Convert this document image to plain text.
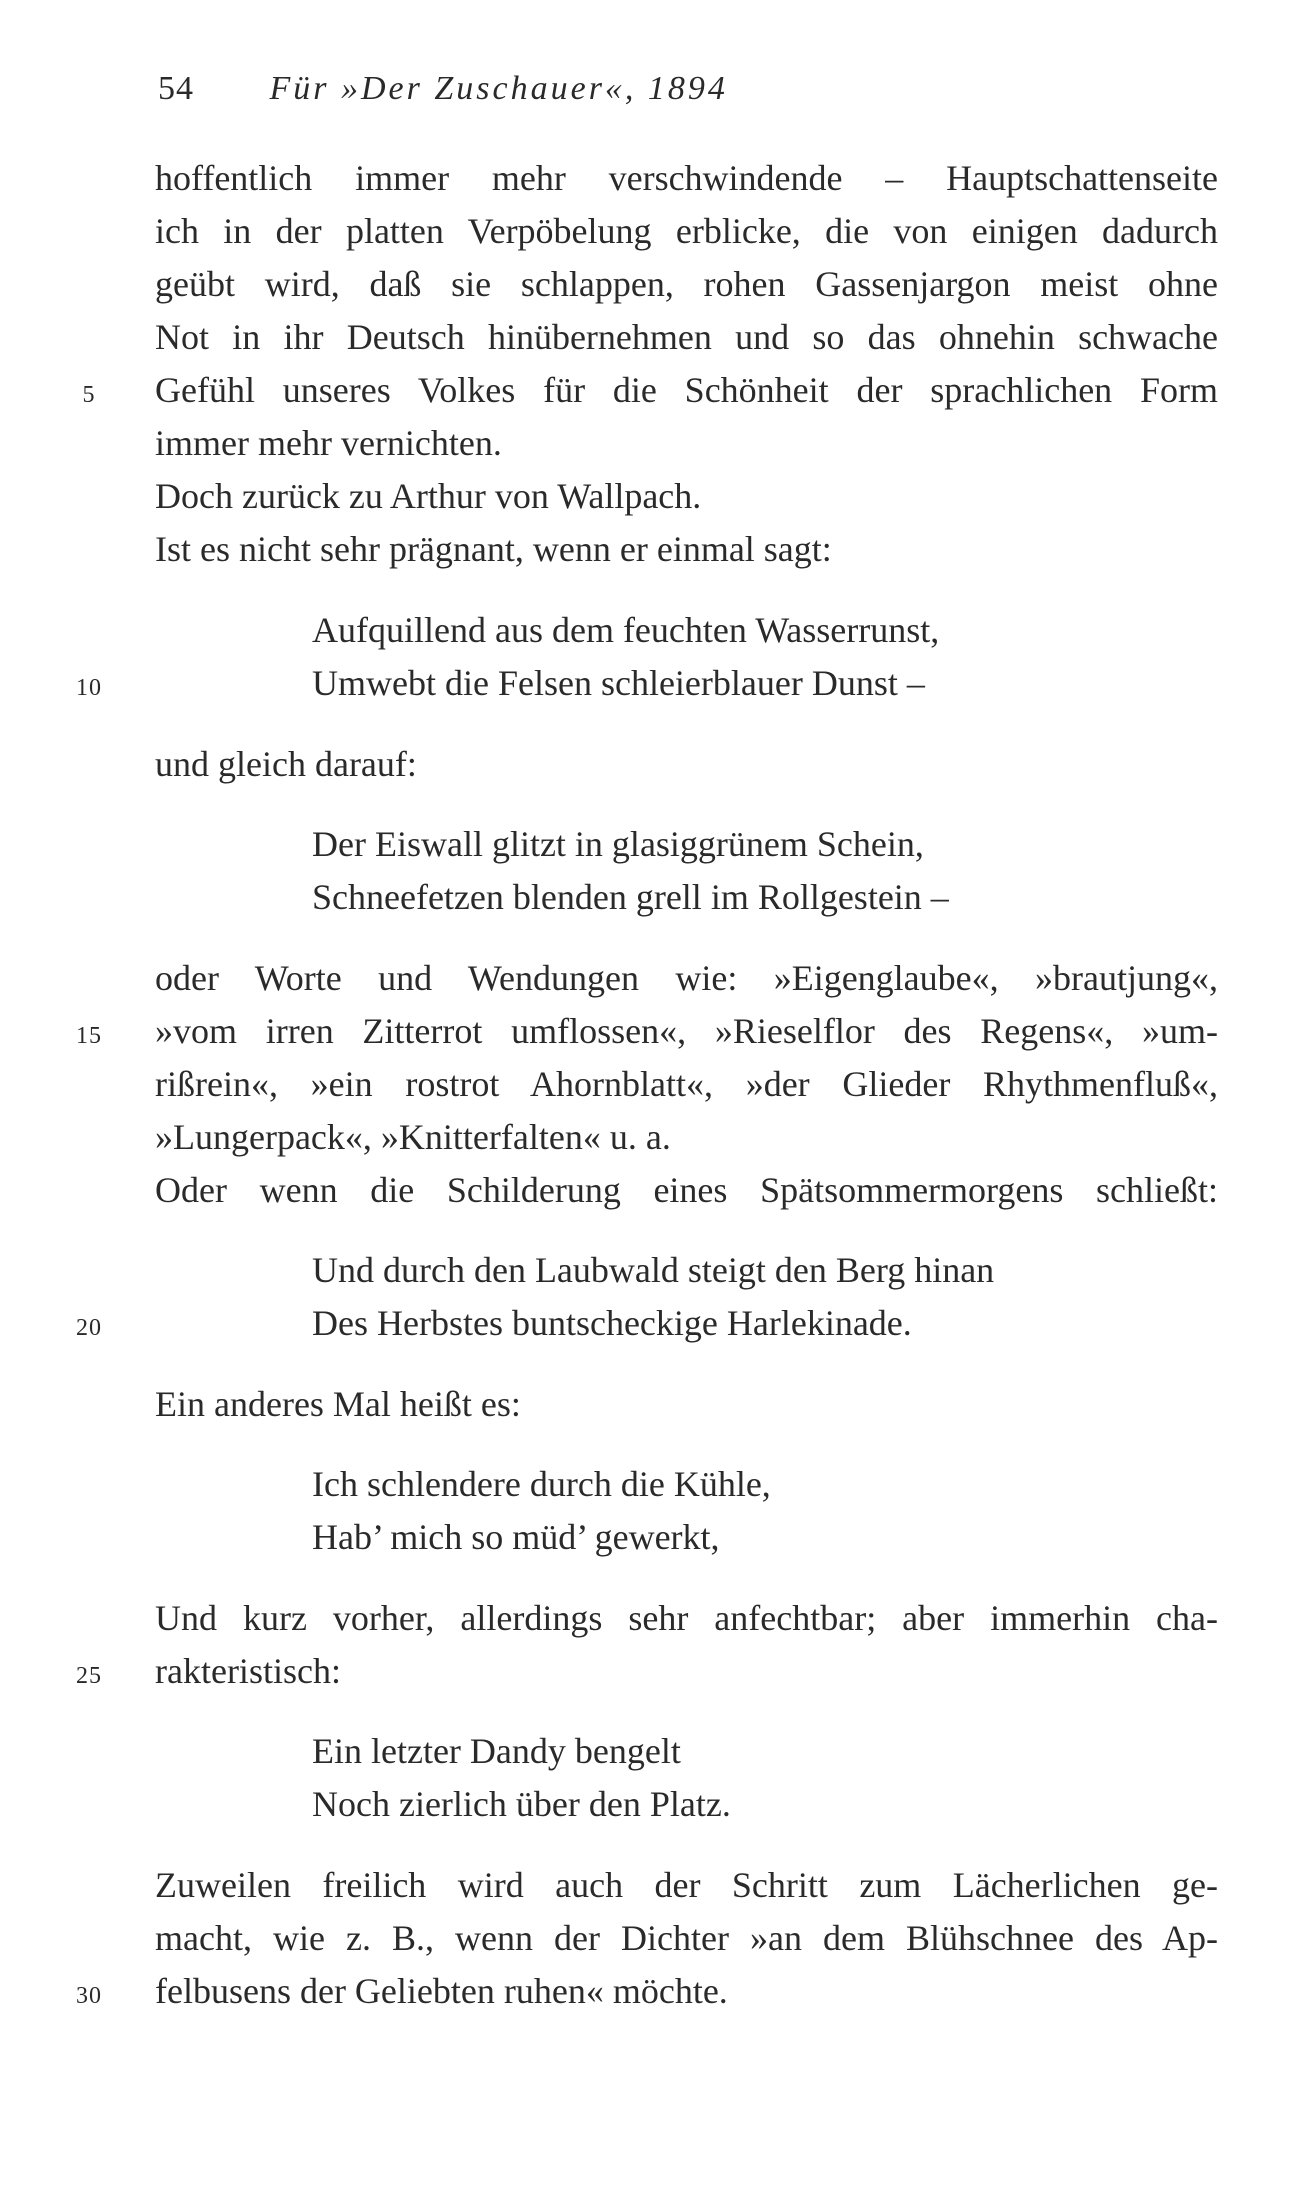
54 Für »Der Zuschauer«, 1894
hoffentlich immer mehr verschwindende – Hauptschattenseite
ich in der platten Verpöbelung erblicke, die von einigen dadurch
geübt wird, daß sie schlappen, rohen Gassenjargon meist ohne
Not in ihr Deutsch hinübernehmen und so das ohnehin schwache
Gefühl unseres Volkes für die Schönheit der sprachlichen Form
immer mehr vernichten.
Doch zurück zu Arthur von Wallpach.
Ist es nicht sehr prägnant, wenn er einmal sagt:
Aufquillend aus dem feuchten Wasserrunst,
Umwebt die Felsen schleierblauer Dunst –
und gleich darauf:
Der Eiswall glitzt in glasiggrünem Schein,
Schneefetzen blenden grell im Rollgestein –
oder Worte und Wendungen wie: »Eigenglaube«, »brautjung«,
»vom irren Zitterrot umflossen«, »Rieselflor des Regens«, »um-
rißrein«, »ein rostrot Ahornblatt«, »der Glieder Rhythmenfluß«,
»Lungerpack«, »Knitterfalten« u. a.
Oder wenn die Schilderung eines Spätsommermorgens schließt:
Und durch den Laubwald steigt den Berg hinan
Des Herbstes buntscheckige Harlekinade.
Ein anderes Mal heißt es:
Ich schlendere durch die Kühle,
Hab’ mich so müd’ gewerkt,
Und kurz vorher, allerdings sehr anfechtbar; aber immerhin cha-
rakteristisch:
Ein letzter Dandy bengelt
Noch zierlich über den Platz.
Zuweilen freilich wird auch der Schritt zum Lächerlichen ge-
macht, wie z. B., wenn der Dichter »an dem Blühschnee des Ap-
felbusens der Geliebten ruhen« möchte.
5
10
15
20
25
30
